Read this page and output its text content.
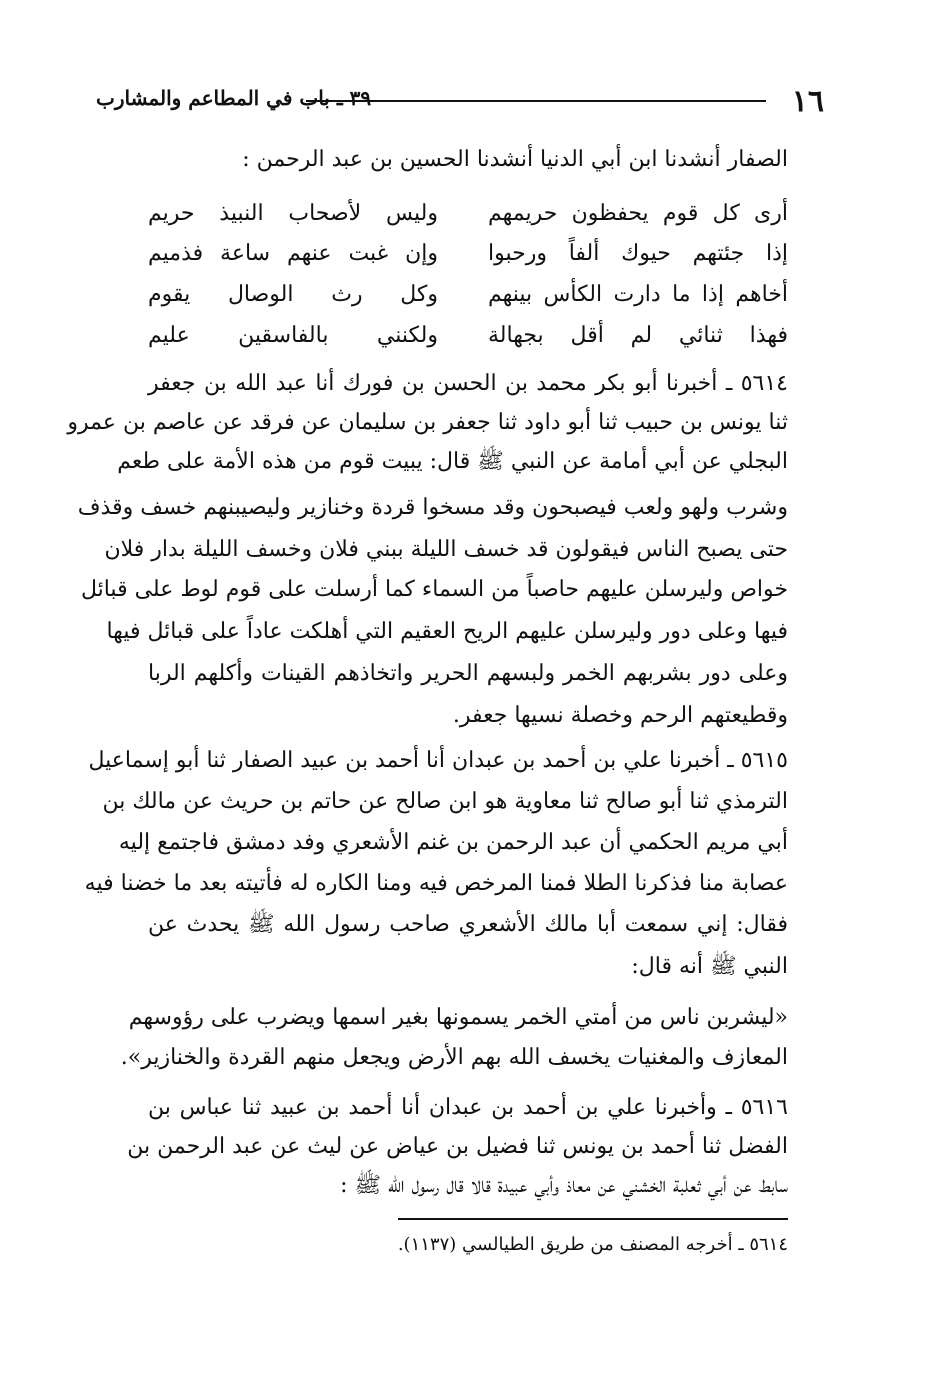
١٦
٣٩ ـ باب في المطاعم والمشارب
الصفار أنشدنا ابن أبي الدنيا أنشدنا الحسين بن عبد الرحمن :
أرى كل قوم يحفظون حريمهم
وليس لأصحاب النبيذ حريم
إذا جئتهم حيوك ألفاً ورحبوا
وإن غبت عنهم ساعة فذميم
أخاهم إذا ما دارت الكأس بينهم
وكل رث الوصال يقوم
فهذا ثنائي لم أقل بجهالة
ولكنني بالفاسقين عليم
٥٦١٤ ـ أخبرنا أبو بكر محمد بن الحسن بن فورك أنا عبد الله بن جعفر
ثنا يونس بن حبيب ثنا أبو داود ثنا جعفر بن سليمان عن فرقد عن عاصم بن عمرو
البجلي عن أبي أمامة عن النبي ﷺ قال: يبيت قوم من هذه الأمة على طعم
وشرب ولهو ولعب فيصبحون وقد مسخوا قردة وخنازير وليصيبنهم خسف وقذف
حتى يصبح الناس فيقولون قد خسف الليلة ببني فلان وخسف الليلة بدار فلان
خواص وليرسلن عليهم حاصباً من السماء كما أرسلت على قوم لوط على قبائل
فيها وعلى دور وليرسلن عليهم الريح العقيم التي أهلكت عاداً على قبائل فيها
وعلى دور بشربهم الخمر ولبسهم الحرير واتخاذهم القينات وأكلهم الربا
وقطيعتهم الرحم وخصلة نسيها جعفر.
٥٦١٥ ـ أخبرنا علي بن أحمد بن عبدان أنا أحمد بن عبيد الصفار ثنا أبو إسماعيل
الترمذي ثنا أبو صالح ثنا معاوية هو ابن صالح عن حاتم بن حريث عن مالك بن
أبي مريم الحكمي أن عبد الرحمن بن غنم الأشعري وفد دمشق فاجتمع إليه
عصابة منا فذكرنا الطلا فمنا المرخص فيه ومنا الكاره له فأتيته بعد ما خضنا فيه
فقال: إني سمعت أبا مالك الأشعري صاحب رسول الله ﷺ يحدث عن
النبي ﷺ أنه قال:
«ليشربن ناس من أمتي الخمر يسمونها بغير اسمها ويضرب على رؤوسهم
المعازف والمغنيات يخسف الله بهم الأرض ويجعل منهم القردة والخنازير».
٥٦١٦ ـ وأخبرنا علي بن أحمد بن عبدان أنا أحمد بن عبيد ثنا عباس بن
الفضل ثنا أحمد بن يونس ثنا فضيل بن عياض عن ليث عن عبد الرحمن بن
سابط عن أبي ثعلبة الخشني عن معاذ وأبي عبيدة قالا قال رسول الله ﷺ :
٥٦١٤ ـ أخرجه المصنف من طريق الطيالسي (١١٣٧).
